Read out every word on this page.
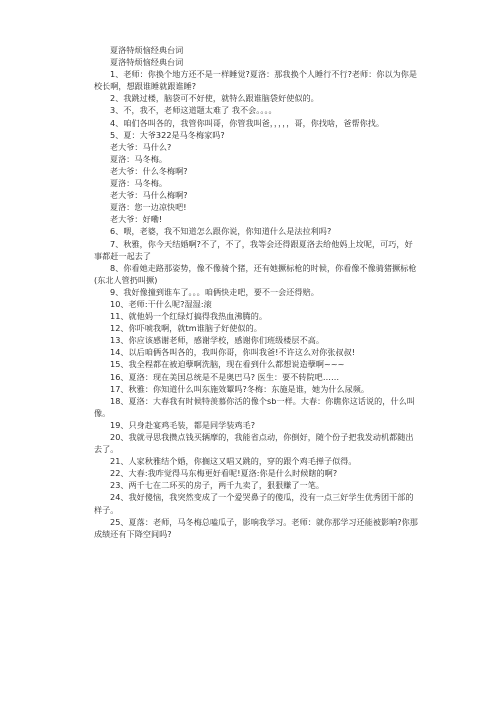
夏洛特烦恼经典台词

夏洛特烦恼经典台词

1、老师：你换个地方还不是一样睡觉?夏洛：那我换个人睡行不行?老师：你以为你是校长啊，想跟谁睡就跟谁睡?

2、我跳过楼，脑袋可不好使，就特么跟谁脑袋好使似的。

3、不，我不，老师这道题太难了 我不会。。。。

4、咱们各叫各的，我管你叫哥，你管我叫爸，，，，，哥，你找啥，爸帮你找。

5、夏：大爷322是马冬梅家吗?

老大爷：马什么?

夏洛：马冬梅。

老大爷：什么冬梅啊?

夏洛：马冬梅。

老大爷：马什么梅啊?

夏洛：您一边凉快吧!

老大爷：好嘞!

6、喂，老婆，我不知道怎么跟你说，你知道什么是法拉利吗?

7、秋雅，你今天结婚啊?不了，不了，我等会还得跟夏洛去给他妈上坟呢，可巧，好事都赶一起去了

8、你看她走路那姿势，像不像骑个猪，还有她撅标枪的时候，你看像不像骑猪撅标枪(东北人管扔叫撅)

9、我好像撞到谁车了。。。咱俩快走吧，要不一会还得赔。

10、老师:干什么呢?湿湿:滚

11、就他妈一个红绿灯搞得我热血沸腾的。

12、你吓唬我啊，就tm谁脑子好使似的。

13、你应该感谢老师，感谢学校，感谢你们班级楼层不高。

14、以后咱俩各叫各的，我叫你哥，你叫我爸!不许这么对你张叔叔!

15、我全程都在被迫孽啊洗脑，现在看到什么都想说造孽啊~~~

16、夏洛：现在美国总统是不是奥巴马? 医生：要不转院吧……

17、秋雅：你知道什么叫东施效颦吗?冬梅：东施是谁，她为什么尿频。

18、夏洛：大春我有时候特羡慕你活的像个sb一样。大春：你瞧你这话说的，什么叫像。

19、只身赴宴鸡毛装，都是同学装鸡毛?

20、我就寻思我攒点钱买辆摩的，我能省点动，你倒好，随个份子把我发动机都随出去了。

21、人家秋雅结个婚，你搁这又唱又跳的，穿的跟个鸡毛掸子似得。

22、大春:我咋觉得马东梅更好看呢!夏洛:你是什么时候瞎的啊?

23、两千七在二环买的房子，两千九卖了，狠狠赚了一笔。

24、我好傻恼，我突然变成了一个爱哭鼻子的傻瓜，没有一点三好学生优秀团干部的样子。

25、夏落：老师，马冬梅总嗑瓜子，影响我学习。老师：就你那学习还能被影响?你那成绩还有下降空间吗?
